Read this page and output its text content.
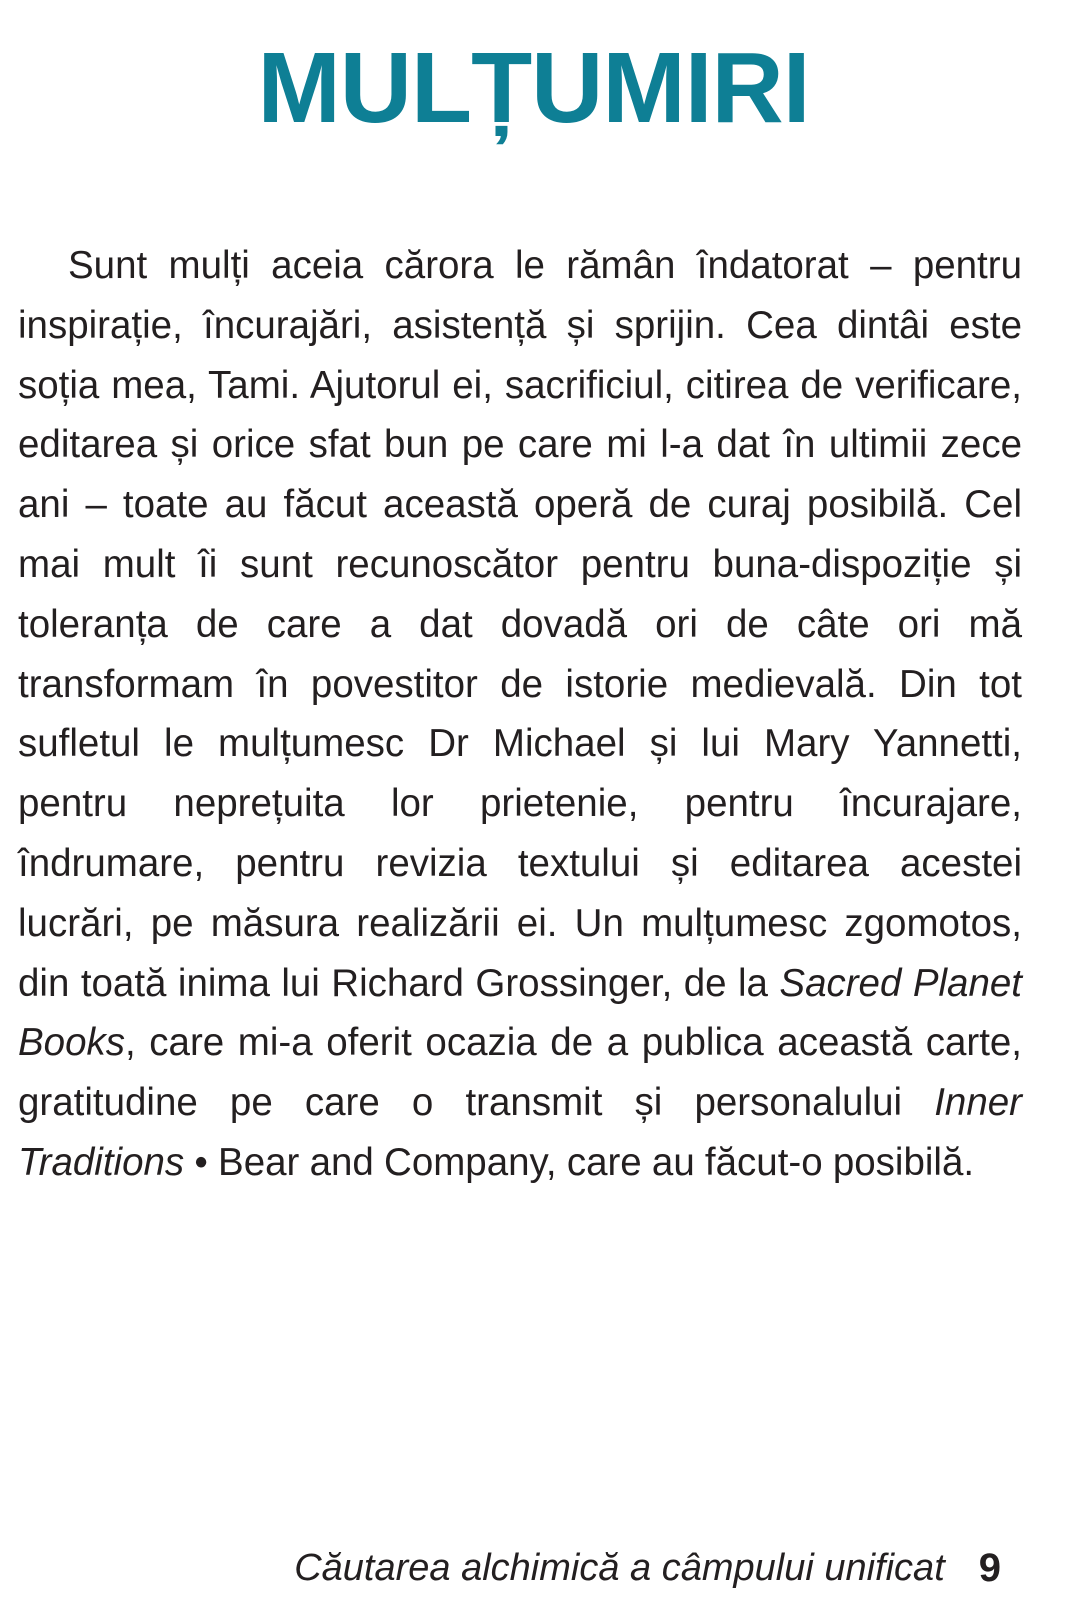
MULȚUMIRI

Sunt mulți aceia cărora le rămân îndatorat – pentru inspirație, încurajări, asistență și sprijin. Cea dintâi este soția mea, Tami. Ajutorul ei, sacrificiul, citirea de verificare, editarea și orice sfat bun pe care mi l-a dat în ultimii zece ani – toate au făcut această operă de curaj posibilă. Cel mai mult îi sunt recunoscător pentru buna-dispoziție și toleranța de care a dat dovadă ori de câte ori mă transformam în povestitor de istorie medievală. Din tot sufletul le mulțumesc Dr Michael și lui Mary Yannetti, pentru neprețuita lor prietenie, pentru încurajare, îndrumare, pentru revizia textului și editarea acestei lucrări, pe măsura realizării ei. Un mulțumesc zgomotos, din toată inima lui Richard Grossinger, de la Sacred Planet Books, care mi-a oferit ocazia de a publica această carte, gratitudine pe care o transmit și personalului Inner Traditions • Bear and Company, care au făcut-o posibilă.

Căutarea alchimică a câmpului unificat 9
